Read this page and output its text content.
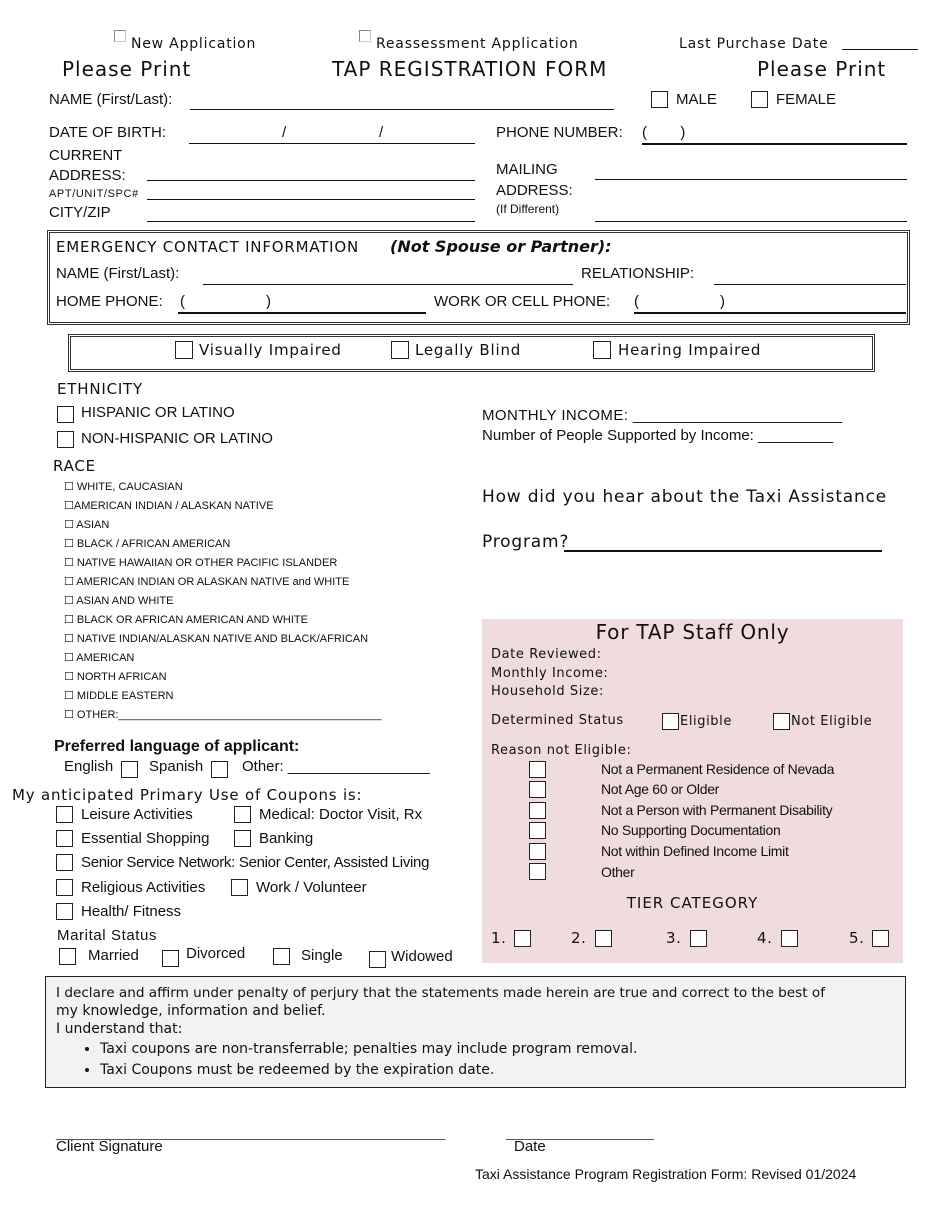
New Application	Reassessment Application	Last Purchase Date
Please Print	TAP REGISTRATION FORM	Please Print
NAME (First/Last):	MALE	FEMALE
DATE OF BIRTH:	/	/	PHONE NUMBER: (        )
CURRENT
ADDRESS:
APT/UNIT/SPC#
CITY/ZIP
MAILING
ADDRESS:
(If Different)
EMERGENCY CONTACT INFORMATION (Not Spouse or Partner):
NAME (First/Last):	RELATIONSHIP:
HOME PHONE: (	)	WORK OR CELL PHONE: (	)
Visually Impaired	Legally Blind	Hearing Impaired
ETHNICITY
HISPANIC OR LATINO
NON-HISPANIC OR LATINO
RACE
☐ WHITE, CAUCASIAN
☐AMERICAN INDIAN / ALASKAN NATIVE
☐ ASIAN
☐ BLACK / AFRICAN AMERICAN
☐ NATIVE HAWAIIAN OR OTHER PACIFIC ISLANDER
☐ AMERICAN INDIAN OR ALASKAN NATIVE and WHITE
☐ ASIAN AND WHITE
☐ BLACK OR AFRICAN AMERICAN AND WHITE
☐ NATIVE INDIAN/ALASKAN NATIVE AND BLACK/AFRICAN
☐ AMERICAN
☐ NORTH AFRICAN
☐ MIDDLE EASTERN
☐ OTHER:___________________________________________
MONTHLY INCOME: ________________________
Number of People Supported by Income: _________
How did you hear about the Taxi Assistance
Program?
Preferred language of applicant:
English Spanish	Other: _________________
My anticipated Primary Use of Coupons is:
Leisure Activities	Medical: Doctor Visit, Rx
Essential Shopping	Banking
Senior Service Network: Senior Center, Assisted Living
Religious Activities	Work / Volunteer
Health/ Fitness
Marital Status
Married	Divorced	Single	Widowed
For TAP Staff Only
Date Reviewed:
Monthly Income:
Household Size:
Determined Status	Eligible	Not Eligible
Reason not Eligible:
Not a Permanent Residence of Nevada
Not Age 60 or Older
Not a Person with Permanent Disability
No Supporting Documentation
Not within Defined Income Limit
Other
TIER CATEGORY
1.	2.	3.	4.	5.
I declare and affirm under penalty of perjury that the statements made herein are true and correct to the best of
my knowledge, information and belief.
I understand that:
• Taxi coupons are non-transferrable; penalties may include program removal.
• Taxi Coupons must be redeemed by the expiration date.
__________________________________________________	___________________
Client Signature	Date
Taxi Assistance Program Registration Form: Revised 01/2024
